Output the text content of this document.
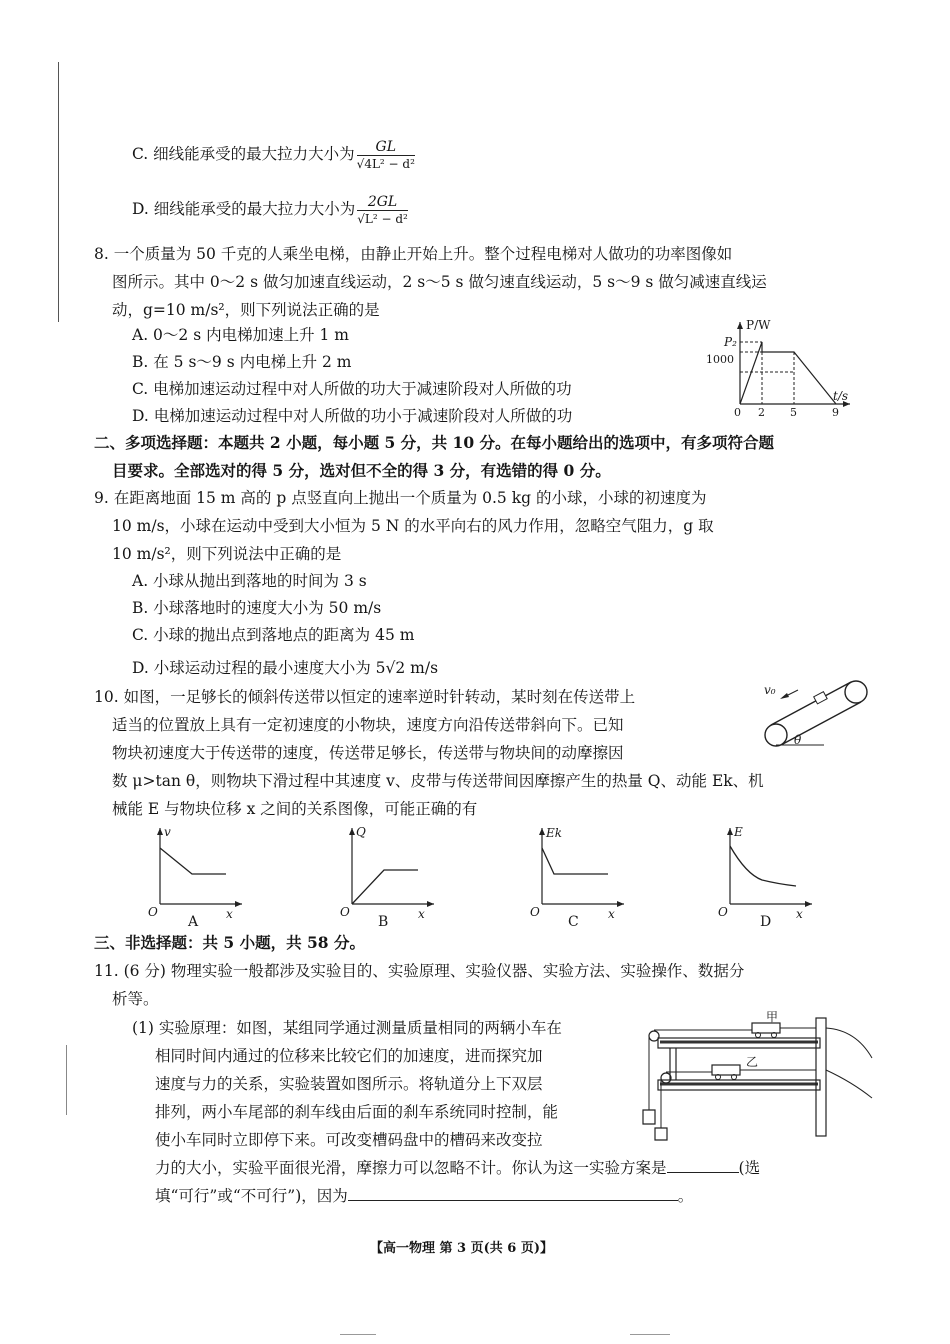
C. 细线能承受的最大拉力大小为 $\frac{GL}{\text{√4L² − d²}}$
D. 细线能承受的最大拉力大小为 $\frac{2GL}{\text{√L² − d²}}$
8. 一个质量为 50 千克的人乘坐电梯，由静止开始上升。整个过程电梯对人做功的功率图像如
图所示。其中 0～2 s 做匀加速直线运动，2 s～5 s 做匀速直线运动，5 s～9 s 做匀减速直线运
动，g=10 m/s²，则下列说法正确的是
A. 0～2 s 内电梯加速上升 1 m
B. 在 5 s～9 s 内电梯上升 2 m
C. 电梯加速运动过程中对人所做的功大于减速阶段对人所做的功
D. 电梯加速运动过程中对人所做的功小于减速阶段对人所做的功
P/W
t/s
P₂
1000
0 2 5	9
二、多项选择题：本题共 2 小题，每小题 5 分，共 10 分。在每小题给出的选项中，有多项符合题
目要求。全部选对的得 5 分，选对但不全的得 3 分，有选错的得 0 分。
9. 在距离地面 15 m 高的 p 点竖直向上抛出一个质量为 0.5 kg 的小球，小球的初速度为
10 m/s，小球在运动中受到大小恒为 5 N 的水平向右的风力作用，忽略空气阻力，g 取
10 m/s²，则下列说法中正确的是
A. 小球从抛出到落地的时间为 3 s
B. 小球落地时的速度大小为 50 m/s
C. 小球的抛出点到落地点的距离为 45 m
D. 小球运动过程的最小速度大小为 5√2 m/s
10. 如图，一足够长的倾斜传送带以恒定的速率逆时针转动，某时刻在传送带上
适当的位置放上具有一定初速度的小物块，速度方向沿传送带斜向下。已知
物块初速度大于传送带的速度，传送带足够长，传送带与物块间的动摩擦因
数 μ>tan θ，则物块下滑过程中其速度 v、皮带与传送带间因摩擦产生的热量 Q、动能 Ek、机
械能 E 与物块位移 x 之间的关系图像，可能正确的有
v₀
θ
v
O	x
A
Q
O	x
B
Ek
O	x
C
E
O	x
D
三、非选择题：共 5 小题，共 58 分。
11. (6 分) 物理实验一般都涉及实验目的、实验原理、实验仪器、实验方法、实验操作、数据分
析等。
(1) 实验原理：如图，某组同学通过测量质量相同的两辆小车在
相同时间内通过的位移来比较它们的加速度，进而探究加
速度与力的关系，实验装置如图所示。将轨道分上下双层
排列，两小车尾部的刹车线由后面的刹车系统同时控制，能
使小车同时立即停下来。可改变槽码盘中的槽码来改变拉
力的大小，实验平面很光滑，摩擦力可以忽略不计。你认为这一实验方案是	(选
填“可行”或“不可行”)，因为	。
甲
乙
【高一物理 第 3 页(共 6 页)】
